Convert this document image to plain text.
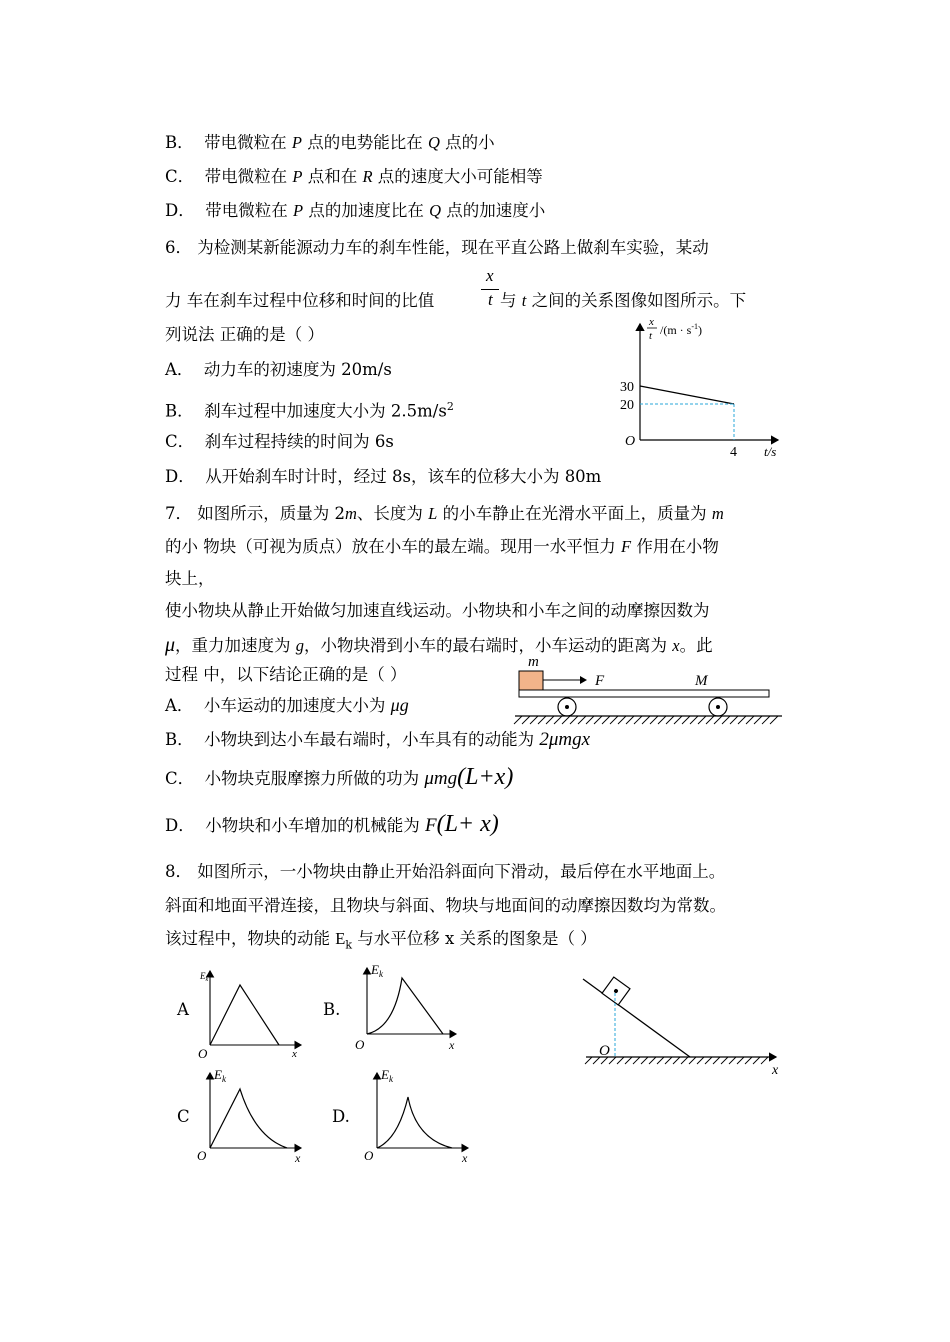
B． 带电微粒在 P 点的电势能比在 Q 点的小
C． 带电微粒在 P 点和在 R 点的速度大小可能相等
D． 带电微粒在 P 点的加速度比在 Q 点的加速度小
6． 为检测某新能源动力车的刹车性能，现在平直公路上做刹车实验，某动
x
t
力 车在刹车过程中位移和时间的比值	与 t 之间的关系图像如图所示。下
列说法 正确的是（ ）
A． 动力车的初速度为 20m/s
B． 刹车过程中加速度大小为 $2.5m/s^2$
C． 刹车过程持续的时间为 6s
D． 从开始刹车时计时，经过 8s，该车的位移大小为 80m
30
20
4
O
t/s
x
t $/(m \cdot s^{-1})$
7． 如图所示，质量为 2m、长度为 L 的小车静止在光滑水平面上，质量为 m
的小 物块（可视为质点）放在小车的最左端。现用一水平恒力 F 作用在小物
块上，
使小物块从静止开始做匀加速直线运动。小物块和小车之间的动摩擦因数为
μ，重力加速度为 g，小物块滑到小车的最右端时，小车运动的距离为 x。此
过程 中，以下结论正确的是（ ）
A． 小车运动的加速度大小为 μg
B． 小物块到达小车最右端时，小车具有的动能为 2μmgx
C． 小物块克服摩擦力所做的功为 μmg(L+x)
D． 小物块和小车增加的机械能为 F(L+ x)
m
F	M
8． 如图所示，一小物块由静止开始沿斜面向下滑动，最后停在水平地面上。
斜面和地面平滑连接，且物块与斜面、物块与地面间的动摩擦因数均为常数。
该过程中，物块的动能 $E_k$ 与水平位移 x 关系的图象是（ ）
A	B.
C	D.
$E_k$
O	x
$E_k$
O	x
$E_k$
O	x
$E_k$
O	x
O
x
